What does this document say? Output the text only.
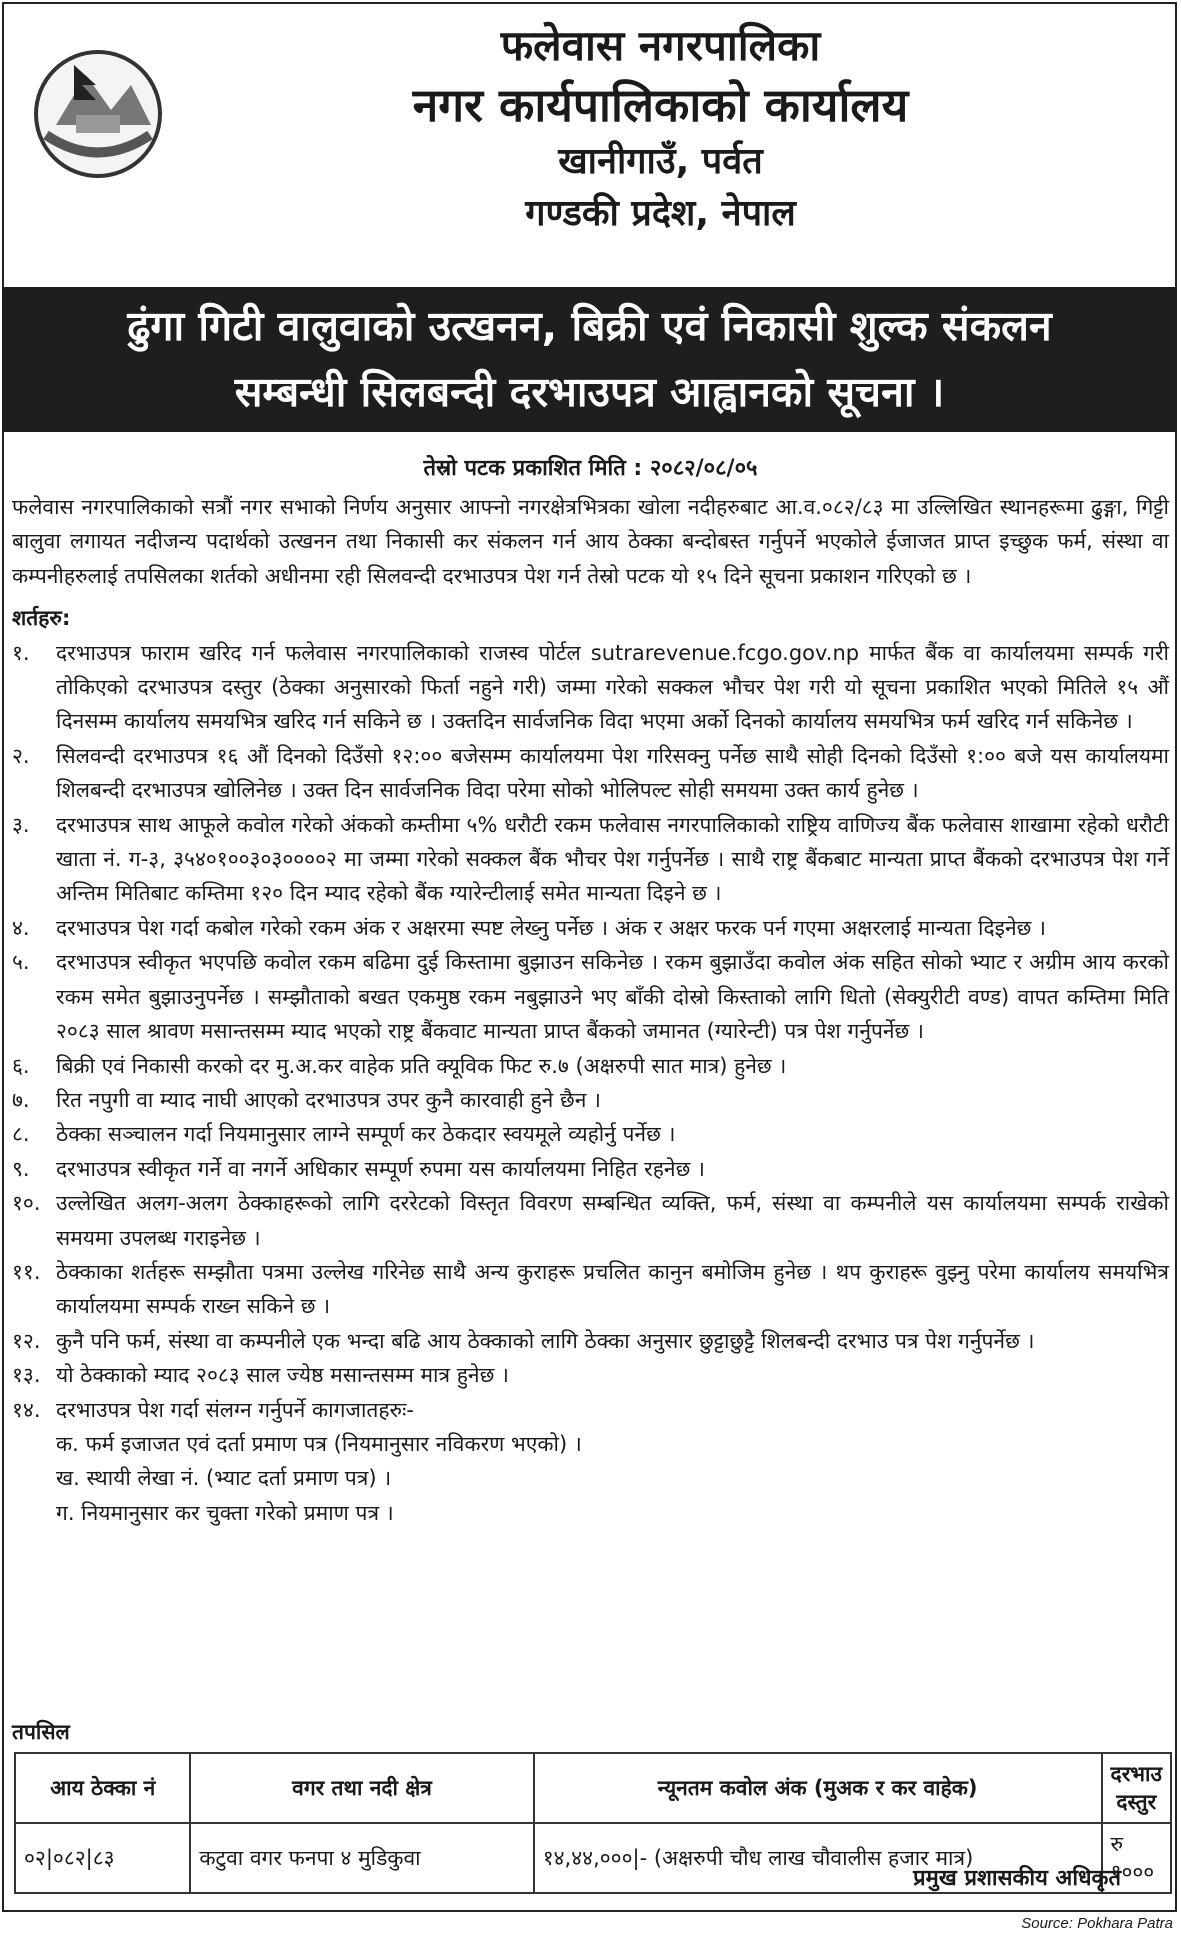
फलेवास नगरपालिका
नगर कार्यपालिकाको कार्यालय
खानीगाउँ, पर्वत
गण्डकी प्रदेश, नेपाल
ढुंगा गिटी वालुवाको उत्खनन, बिक्री एवं निकासी शुल्क संकलन
सम्बन्धी सिलबन्दी दरभाउपत्र आह्वानको सूचना ।
तेस्रो पटक प्रकाशित मिति : २०८२/०८/०५

फलेवास नगरपालिकाको सत्रौं नगर सभाको निर्णय अनुसार आफ्नो नगरक्षेत्रभित्रका खोला नदीहरुबाट आ.व.०८२/८३ मा उल्लिखित स्थानहरूमा ढुङ्गा, गिट्टी बालुवा लगायत नदीजन्य पदार्थको उत्खनन तथा निकासी कर संकलन गर्न आय ठेक्का बन्दोबस्त गर्नुपर्ने भएकोले ईजाजत प्राप्त इच्छुक फर्म, संस्था वा कम्पनीहरुलाई तपसिलका शर्तको अधीनमा रही सिलवन्दी दरभाउपत्र पेश गर्न तेस्रो पटक यो १५ दिने सूचना प्रकाशन गरिएको छ ।

शर्तहरु:

१.	दरभाउपत्र फाराम खरिद गर्न फलेवास नगरपालिकाको राजस्व पोर्टल sutrarevenue.fcgo.gov.np मार्फत बैंक वा कार्यालयमा सम्पर्क गरी तोकिएको दरभाउपत्र दस्तुर (ठेक्का अनुसारको फिर्ता नहुने गरी) जम्मा गरेको सक्कल भौचर पेश गरी यो सूचना प्रकाशित भएको मितिले १५ औं दिनसम्म कार्यालय समयभित्र खरिद गर्न सकिने छ । उक्तदिन सार्वजनिक विदा भएमा अर्को दिनको कार्यालय समयभित्र फर्म खरिद गर्न सकिनेछ ।
२.	सिलवन्दी दरभाउपत्र १६ औं दिनको दिउँसो १२:०० बजेसम्म कार्यालयमा पेश गरिसक्नु पर्नेछ साथै सोही दिनको दिउँसो १:०० बजे यस कार्यालयमा शिलबन्दी दरभाउपत्र खोलिनेछ । उक्त दिन सार्वजनिक विदा परेमा सोको भोलिपल्ट सोही समयमा उक्त कार्य हुनेछ ।
३.	दरभाउपत्र साथ आफूले कवोल गरेको अंकको कम्तीमा ५% धरौटी रकम फलेवास नगरपालिकाको राष्ट्रिय वाणिज्य बैंक फलेवास शाखामा रहेको धरौटी खाता नं. ग-३, ३५४०१००३०३००००२ मा जम्मा गरेको सक्कल बैंक भौचर पेश गर्नुपर्नेछ । साथै राष्ट्र बैंकबाट मान्यता प्राप्त बैंकको दरभाउपत्र पेश गर्ने अन्तिम मितिबाट कम्तिमा १२० दिन म्याद रहेको बैंक ग्यारेन्टीलाई समेत मान्यता दिइने छ ।
४.	दरभाउपत्र पेश गर्दा कबोल गरेको रकम अंक र अक्षरमा स्पष्ट लेख्नु पर्नेछ । अंक र अक्षर फरक पर्न गएमा अक्षरलाई मान्यता दिइनेछ ।
५.	दरभाउपत्र स्वीकृत भएपछि कवोल रकम बढिमा दुई किस्तामा बुझाउन सकिनेछ । रकम बुझाउँदा कवोल अंक सहित सोको भ्याट र अग्रीम आय करको रकम समेत बुझाउनुपर्नेछ । सम्झौताको बखत एकमुष्ठ रकम नबुझाउने भए बाँकी दोस्रो किस्ताको लागि धितो (सेक्युरीटी वण्ड) वापत कम्तिमा मिति २०८३ साल श्रावण मसान्तसम्म म्याद भएको राष्ट्र बैंकवाट मान्यता प्राप्त बैंकको जमानत (ग्यारेन्टी) पत्र पेश गर्नुपर्नेछ ।
६.	बिक्री एवं निकासी करको दर मु.अ.कर वाहेक प्रति क्यूविक फिट रु.७ (अक्षरुपी सात मात्र) हुनेछ ।
७.	रित नपुगी वा म्याद नाघी आएको दरभाउपत्र उपर कुनै कारवाही हुने छैन ।
८.	ठेक्का सञ्चालन गर्दा नियमानुसार लाग्ने सम्पूर्ण कर ठेकदार स्वयमूले व्यहोर्नु पर्नेछ ।
९.	दरभाउपत्र स्वीकृत गर्ने वा नगर्ने अधिकार सम्पूर्ण रुपमा यस कार्यालयमा निहित रहनेछ ।
१०. उल्लेखित अलग-अलग ठेक्काहरूको लागि दररेटको विस्तृत विवरण सम्बन्धित व्यक्ति, फर्म, संस्था वा कम्पनीले यस कार्यालयमा सम्पर्क राखेको समयमा उपलब्ध गराइनेछ ।
११. ठेक्काका शर्तहरू सम्झौता पत्रमा उल्लेख गरिनेछ साथै अन्य कुराहरू प्रचलित कानुन बमोजिम हुनेछ । थप कुराहरू वुझ्नु परेमा कार्यालय समयभित्र कार्यालयमा सम्पर्क राख्न सकिने छ ।
१२. कुनै पनि फर्म, संस्था वा कम्पनीले एक भन्दा बढि आय ठेक्काको लागि ठेक्का अनुसार छुट्टाछुट्टै शिलबन्दी दरभाउ पत्र पेश गर्नुपर्नेछ ।
१३. यो ठेक्काको म्याद २०८३ साल ज्येष्ठ मसान्तसम्म मात्र हुनेछ ।
१४. दरभाउपत्र पेश गर्दा संलग्न गर्नुपर्ने कागजातहरुः-
क. फर्म इजाजत एवं दर्ता प्रमाण पत्र (नियमानुसार नविकरण भएको) ।
ख. स्थायी लेखा नं. (भ्याट दर्ता प्रमाण पत्र) ।
ग. नियमानुसार कर चुक्ता गरेको प्रमाण पत्र ।
तपसिल
आय ठेक्का नं	वगर तथा नदी क्षेत्र	न्यूनतम कवोल अंक (मुअक र कर वाहेक)	दरभाउ दस्तुर
०२|०८२|८३	कटुवा वगर फनपा ४ मुडिकुवा	१४,४४,०००|- (अक्षरुपी चौध लाख चौवालीस हजार मात्र)	रु १०००
प्रमुख प्रशासकीय अधिकृत
Source: Pokhara Patra
